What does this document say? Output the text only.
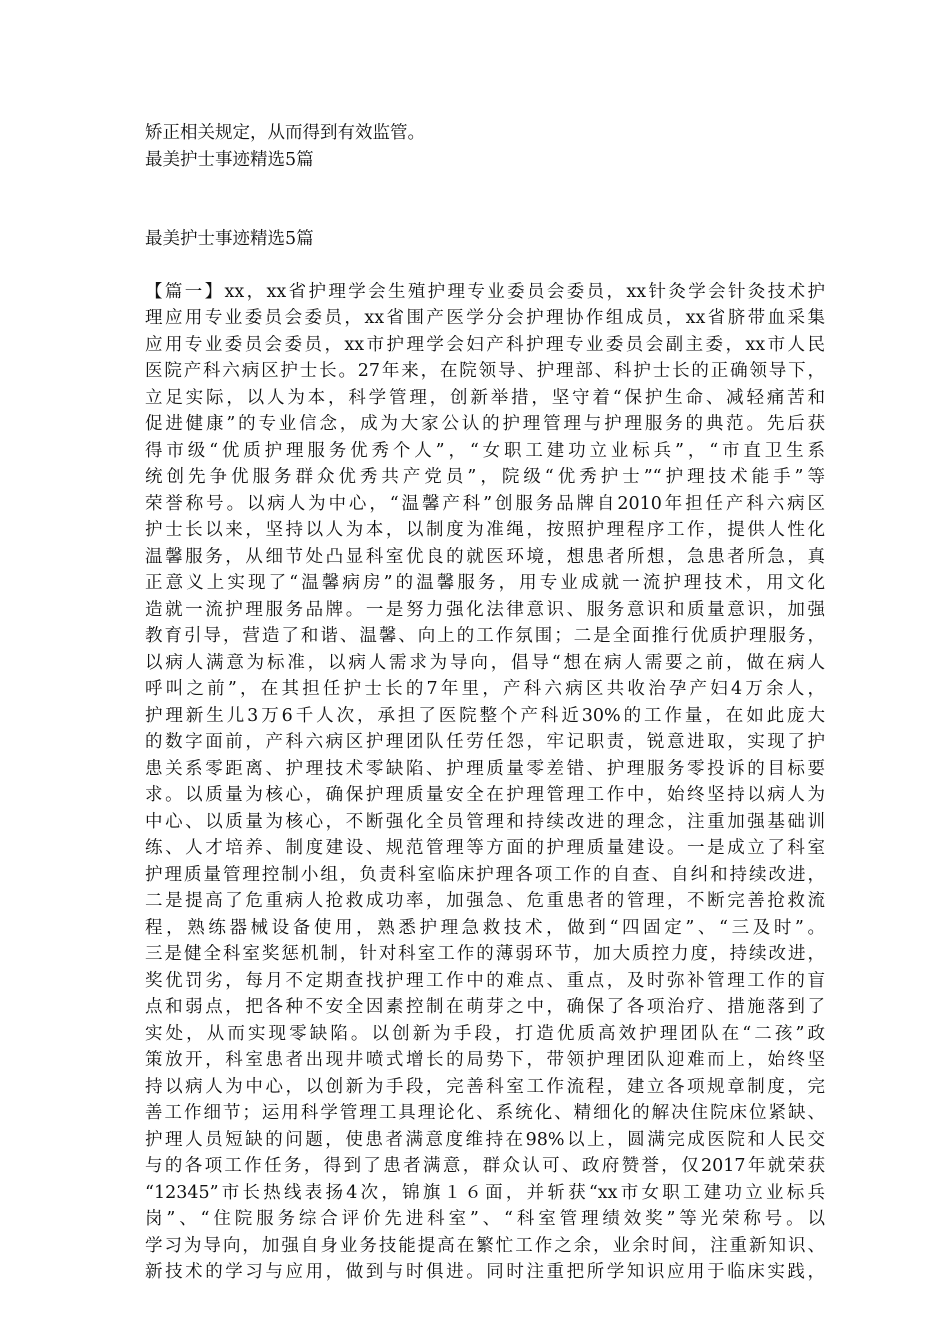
矫正相关规定，从而得到有效监管。
最美护士事迹精选5篇
最美护士事迹精选5篇
【篇一】xx，xx省护理学会生殖护理专业委员会委员，xx针灸学会针灸技术护
理应用专业委员会委员，xx省围产医学分会护理协作组成员，xx省脐带血采集
应用专业委员会委员，xx市护理学会妇产科护理专业委员会副主委，xx市人民
医院产科六病区护士长。27年来，在院领导、护理部、科护士长的正确领导下，
立足实际，以人为本，科学管理，创新举措，坚守着“保护生命、减轻痛苦和
促进健康”的专业信念，成为大家公认的护理管理与护理服务的典范。先后获
得市级“优质护理服务优秀个人”，“女职工建功立业标兵”，“市直卫生系
统创先争优服务群众优秀共产党员”，院级“优秀护士”“护理技术能手”等
荣誉称号。以病人为中心，“温馨产科”创服务品牌自2010年担任产科六病区
护士长以来，坚持以人为本，以制度为准绳，按照护理程序工作，提供人性化
温馨服务，从细节处凸显科室优良的就医环境，想患者所想，急患者所急，真
正意义上实现了“温馨病房”的温馨服务，用专业成就一流护理技术，用文化
造就一流护理服务品牌。一是努力强化法律意识、服务意识和质量意识，加强
教育引导，营造了和谐、温馨、向上的工作氛围；二是全面推行优质护理服务，
以病人满意为标准，以病人需求为导向，倡导“想在病人需要之前，做在病人
呼叫之前”，在其担任护士长的7年里，产科六病区共收治孕产妇4万余人，
护理新生儿3万6千人次，承担了医院整个产科近30%的工作量，在如此庞大
的数字面前，产科六病区护理团队任劳任怨，牢记职责，锐意进取，实现了护
患关系零距离、护理技术零缺陷、护理质量零差错、护理服务零投诉的目标要
求。以质量为核心，确保护理质量安全在护理管理工作中，始终坚持以病人为
中心、以质量为核心，不断强化全员管理和持续改进的理念，注重加强基础训
练、人才培养、制度建设、规范管理等方面的护理质量建设。一是成立了科室
护理质量管理控制小组，负责科室临床护理各项工作的自查、自纠和持续改进，
二是提高了危重病人抢救成功率，加强急、危重患者的管理，不断完善抢救流
程，熟练器械设备使用，熟悉护理急救技术，做到“四固定”、“三及时”。
三是健全科室奖惩机制，针对科室工作的薄弱环节，加大质控力度，持续改进，
奖优罚劣，每月不定期查找护理工作中的难点、重点，及时弥补管理工作的盲
点和弱点，把各种不安全因素控制在萌芽之中，确保了各项治疗、措施落到了
实处，从而实现零缺陷。以创新为手段，打造优质高效护理团队在“二孩”政
策放开，科室患者出现井喷式增长的局势下，带领护理团队迎难而上，始终坚
持以病人为中心，以创新为手段，完善科室工作流程，建立各项规章制度，完
善工作细节；运用科学管理工具理论化、系统化、精细化的解决住院床位紧缺、
护理人员短缺的问题，使患者满意度维持在98%以上，圆满完成医院和人民交
与的各项工作任务，得到了患者满意，群众认可、政府赞誉，仅2017年就荣获
“12345”市长热线表扬4次，锦旗１６面，并斩获“xx市女职工建功立业标兵
岗”、“住院服务综合评价先进科室”、“科室管理绩效奖”等光荣称号。以
学习为导向，加强自身业务技能提高在繁忙工作之余，业余时间，注重新知识、
新技术的学习与应用，做到与时俱进。同时注重把所学知识应用于临床实践，
